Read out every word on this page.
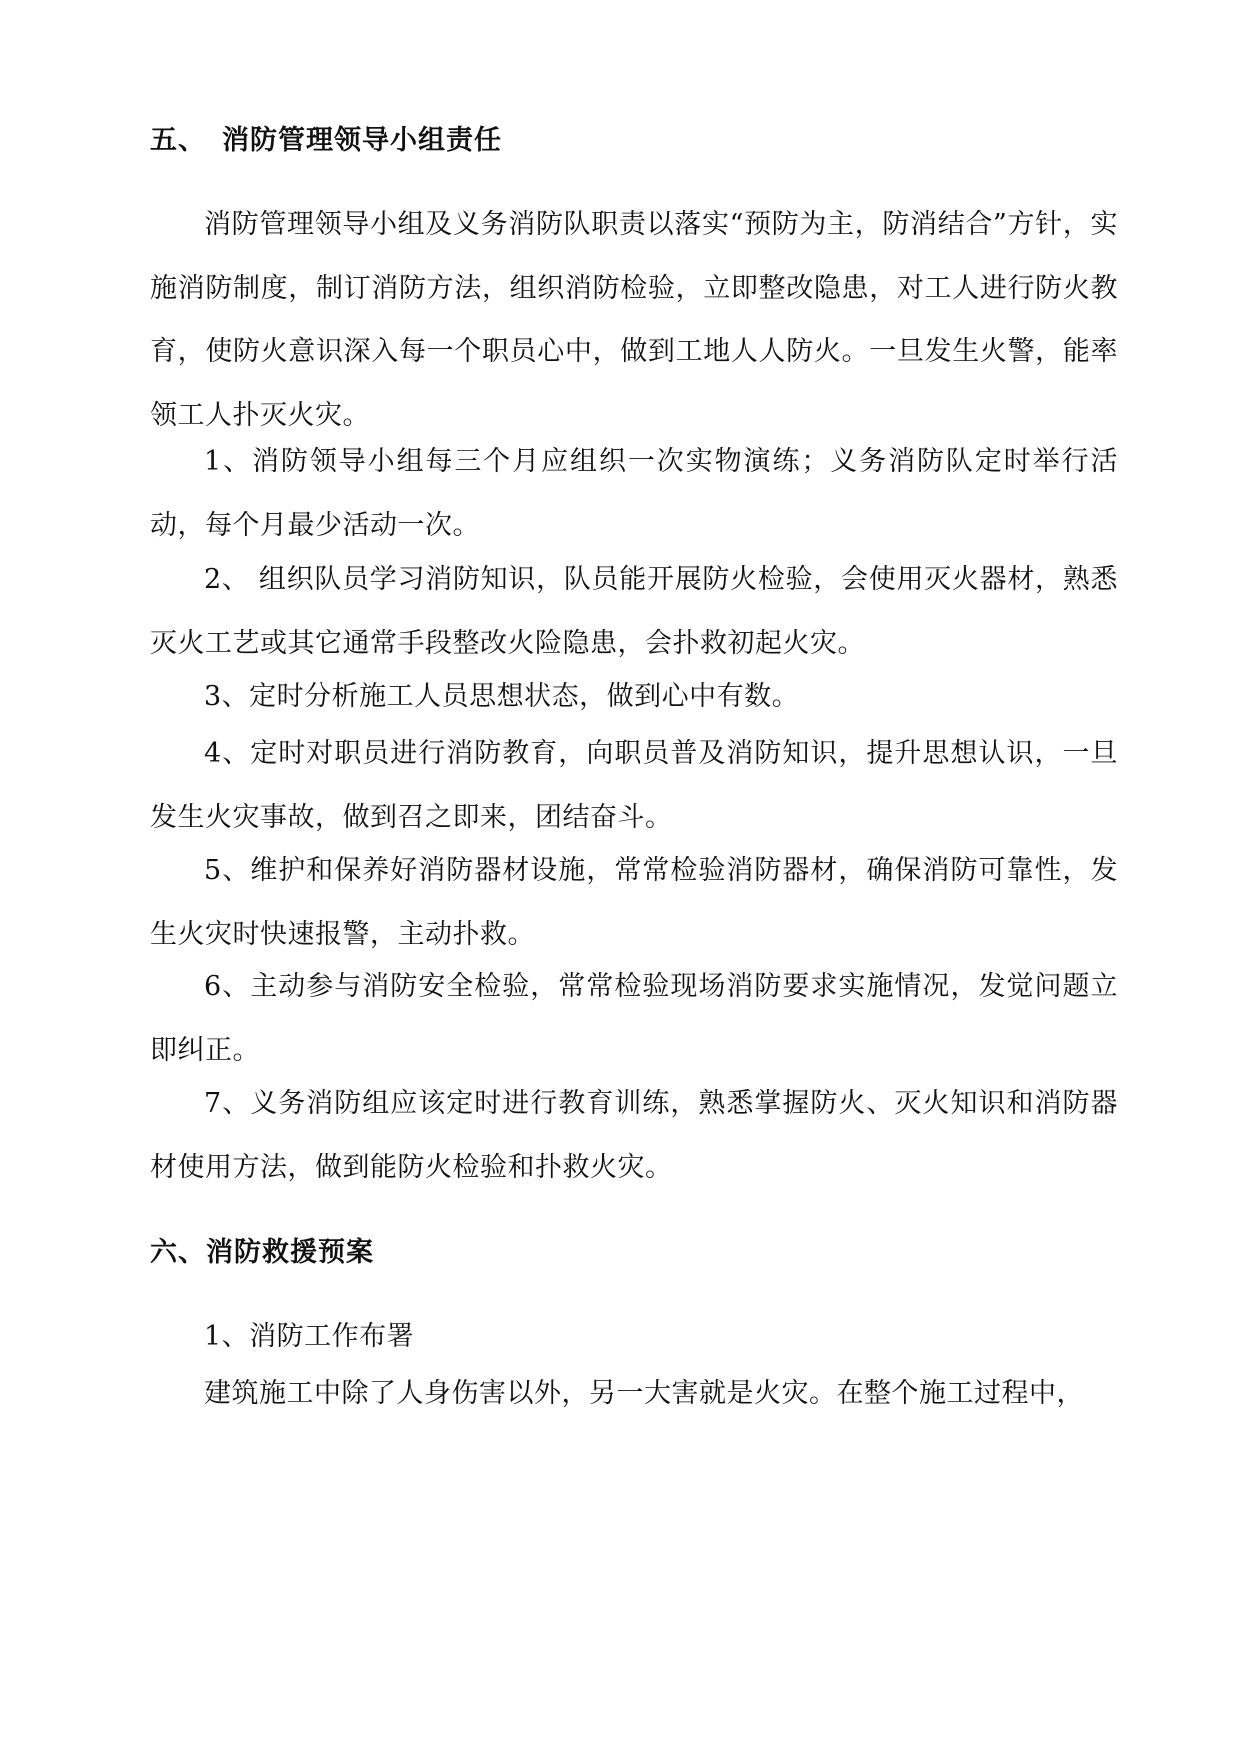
五、 消防管理领导小组责任

消防管理领导小组及义务消防队职责以落实“预防为主，防消结合”方针，实施消防制度，制订消防方法，组织消防检验，立即整改隐患，对工人进行防火教育，使防火意识深入每一个职员心中，做到工地人人防火。一旦发生火警，能率领工人扑灭火灾。

1、消防领导小组每三个月应组织一次实物演练；义务消防队定时举行活动，每个月最少活动一次。

2、 组织队员学习消防知识，队员能开展防火检验，会使用灭火器材，熟悉灭火工艺或其它通常手段整改火险隐患，会扑救初起火灾。

3、定时分析施工人员思想状态，做到心中有数。

4、定时对职员进行消防教育，向职员普及消防知识，提升思想认识，一旦发生火灾事故，做到召之即来，团结奋斗。

5、维护和保养好消防器材设施，常常检验消防器材，确保消防可靠性，发生火灾时快速报警，主动扑救。

6、主动参与消防安全检验，常常检验现场消防要求实施情况，发觉问题立即纠正。

7、义务消防组应该定时进行教育训练，熟悉掌握防火、灭火知识和消防器材使用方法，做到能防火检验和扑救火灾。

六、消防救援预案

1、消防工作布署

建筑施工中除了人身伤害以外，另一大害就是火灾。在整个施工过程中，
